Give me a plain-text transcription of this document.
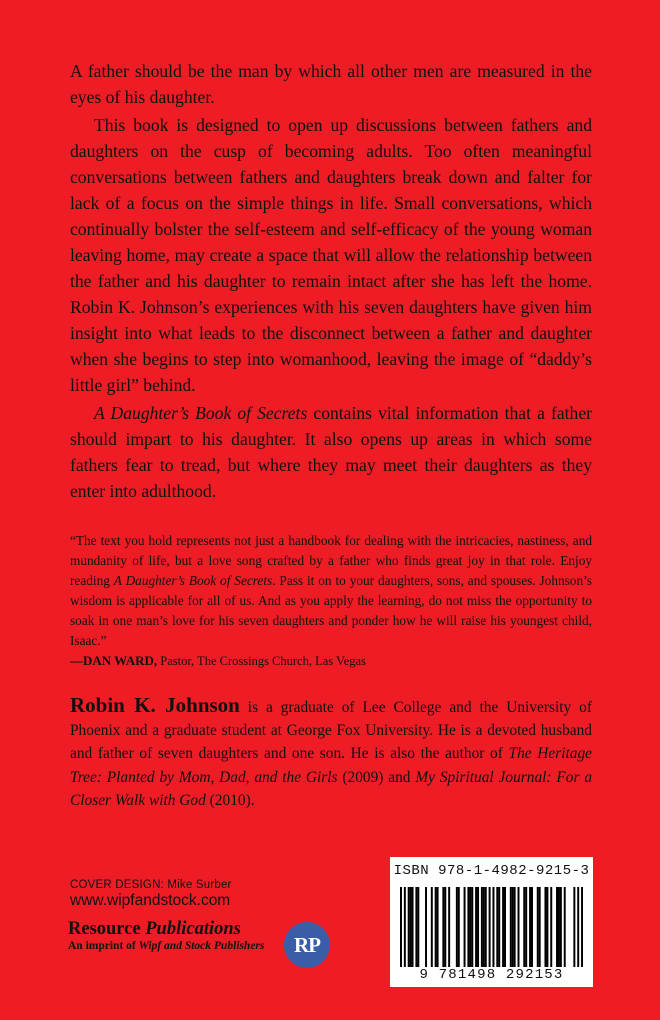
A father should be the man by which all other men are measured in the eyes of his daughter.

This book is designed to open up discussions between fathers and daughters on the cusp of becoming adults. Too often meaningful conversations between fathers and daughters break down and falter for lack of a focus on the simple things in life. Small conversations, which continually bolster the self-esteem and self-efficacy of the young woman leaving home, may create a space that will allow the relationship between the father and his daughter to remain intact after she has left the home. Robin K. Johnson’s experiences with his seven daughters have given him insight into what leads to the disconnect between a father and daughter when she begins to step into womanhood, leaving the image of “daddy’s little girl” behind.

A Daughter’s Book of Secrets contains vital information that a father should impart to his daughter. It also opens up areas in which some fathers fear to tread, but where they may meet their daughters as they enter into adulthood.

“The text you hold represents not just a handbook for dealing with the intricacies, nastiness, and mundanity of life, but a love song crafted by a father who finds great joy in that role. Enjoy reading A Daughter’s Book of Secrets. Pass it on to your daughters, sons, and spouses. Johnson’s wisdom is applicable for all of us. And as you apply the learning, do not miss the opportunity to soak in one man’s love for his seven daughters and ponder how he will raise his youngest child, Isaac.”

—DAN WARD, Pastor, The Crossings Church, Las Vegas

Robin K. Johnson is a graduate of Lee College and the University of Phoenix and a graduate student at George Fox University. He is a devoted husband and father of seven daughters and one son. He is also the author of The Heritage Tree: Planted by Mom, Dad, and the Girls (2009) and My Spiritual Journal: For a Closer Walk with God (2010).

COVER DESIGN: Mike Surber
www.wipfandstock.com
Resource Publications
An imprint of Wipf and Stock Publishers	RP
ISBN 978-1-4982-9215-3
9 781498 292153
